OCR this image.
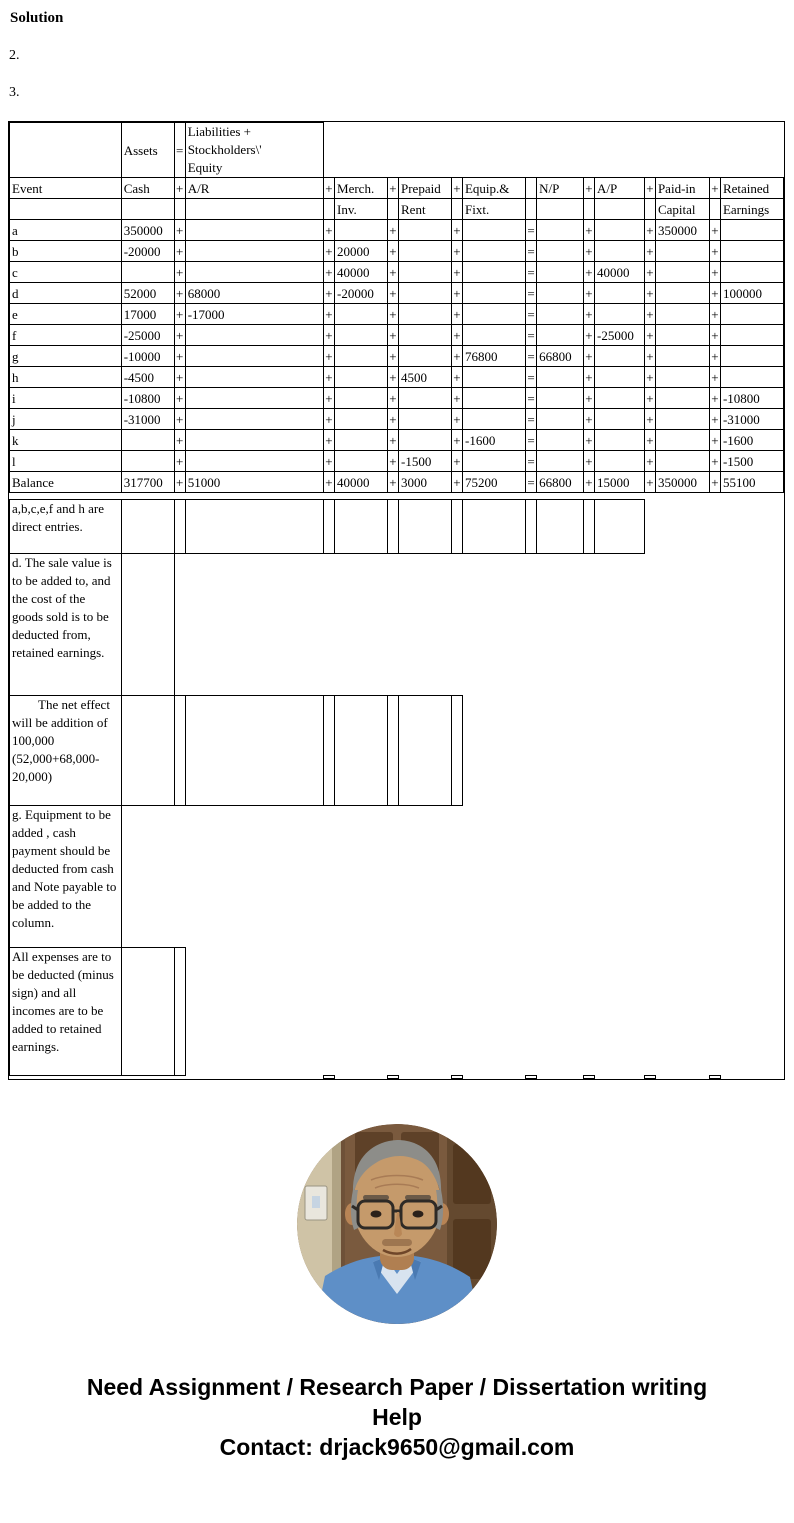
Solution

2.

3.

	Assets	=	Liabilities + Stockholders\' Equity														
Event	Cash	+	A/R	+	Merch.	+	Prepaid	+	Equip.&		N/P	+	A/P	+	Paid-in	+	Retained
					Inv.		Rent		Fixt.						Capital		Earnings
a	350000	+		+		+		+		=		+		+	350000	+	
b	-20000	+		+	20000	+		+		=		+		+		+	
c		+		+	40000	+		+		=		+	40000	+		+	
d	52000	+	68000	+	-20000	+		+		=		+		+		+	100000
e	17000	+	-17000	+		+		+		=		+		+		+	
f	-25000	+		+		+		+		=		+	-25000	+		+	
g	-10000	+		+		+		+	76800	=	66800	+		+		+	
h	-4500	+		+		+	4500	+		=		+		+		+	
i	-10800	+		+		+		+		=		+		+		+	-10800
j	-31000	+		+		+		+		=		+		+		+	-31000
k		+		+		+		+	-1600	=		+		+		+	-1600
l		+		+		+	-1500	+		=		+		+		+	-1500
Balance	317700	+	51000	+	40000	+	3000	+	75200	=	66800	+	15000	+	350000	+	55100

a,b,c,e,f and h are direct entries.																	
d. The sale value is to be added to, and the cost of the goods sold is to be deducted from, retained earnings.																	
The net effect will be addition of 100,000 (52,000+68,000-20,000)																	
g. Equipment to be added , cash payment should be deducted from cash and Note payable to be added to the column.																	
All expenses are to be deducted (minus sign) and all incomes are to be added to retained earnings.																	

Need Assignment / Research Paper / Dissertation writing Help

Contact: drjack9650@gmail.com
